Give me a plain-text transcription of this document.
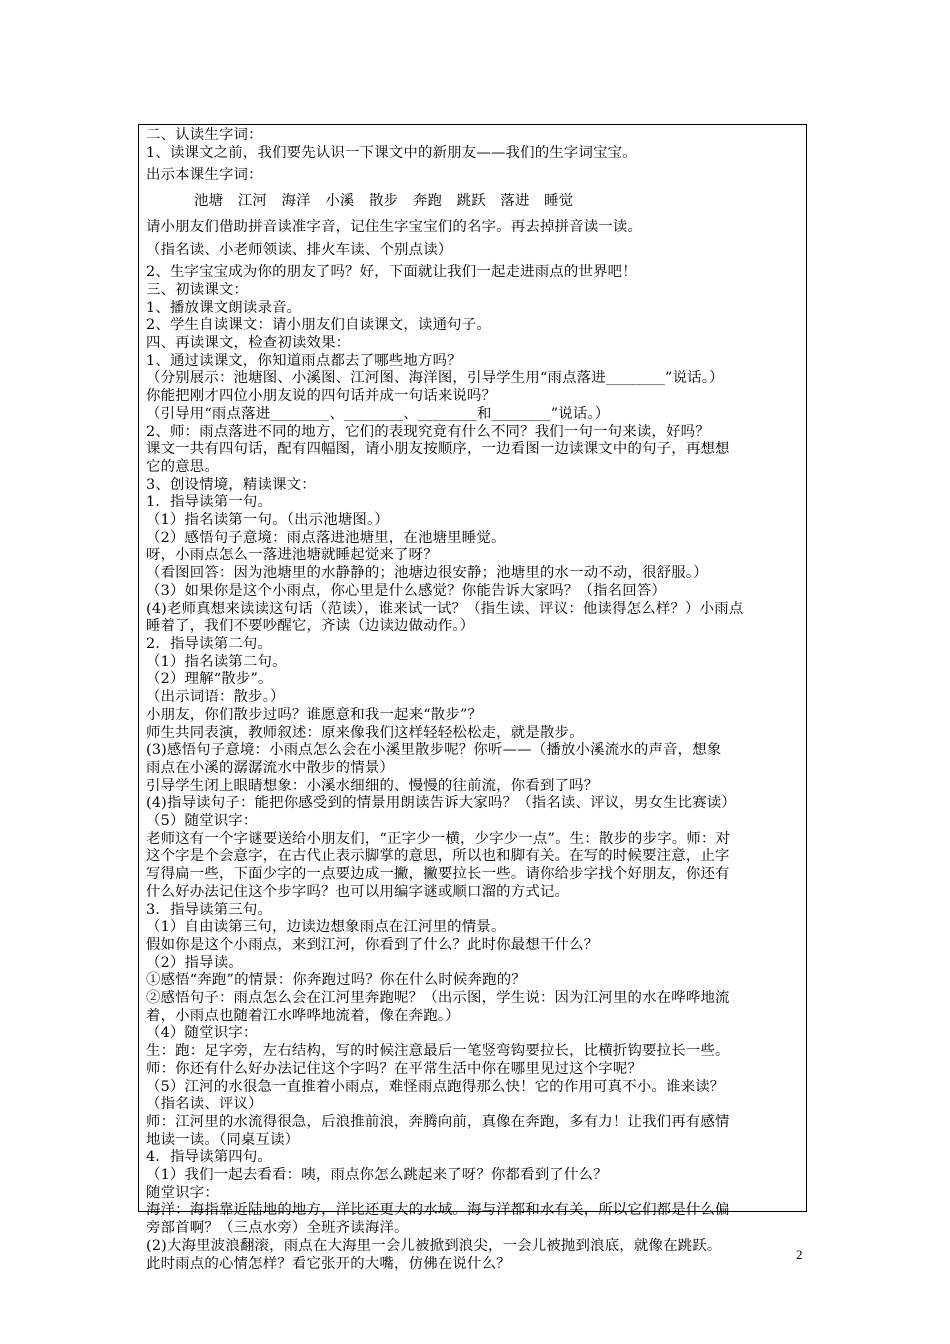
二、认读生字词：

1、读课文之前，我们要先认识一下课文中的新朋友——我们的生字词宝宝。

出示本课生字词：

池塘　江河　海洋　小溪　散步　奔跑　跳跃　落进　睡觉

请小朋友们借助拼音读准字音，记住生字宝宝们的名字。再去掉拼音读一读。

（指名读、小老师领读、排火车读、个别点读）

2、生字宝宝成为你的朋友了吗？好，下面就让我们一起走进雨点的世界吧！

三、初读课文：

1、播放课文朗读录音。

2、学生自读课文：请小朋友们自读课文，读通句子。

四、再读课文，检查初读效果：

1、通过读课文，你知道雨点都去了哪些地方吗？

（分别展示：池塘图、小溪图、江河图、海洋图，引导学生用“雨点落进________”说话。）

你能把刚才四位小朋友说的四句话并成一句话来说吗？

（引导用“雨点落进________、________、________和________”说话。）

2、师：雨点落进不同的地方，它们的表现究竟有什么不同？我们一句一句来读，好吗？

课文一共有四句话，配有四幅图，请小朋友按顺序，一边看图一边读课文中的句子，再想想

它的意思。

3、创设情境，精读课文：

1．指导读第一句。

（1）指名读第一句。（出示池塘图。）

（2）感悟句子意境：雨点落进池塘里，在池塘里睡觉。

呀，小雨点怎么一落进池塘就睡起觉来了呀？

（看图回答：因为池塘里的水静静的；池塘边很安静；池塘里的水一动不动，很舒服。）

（3）如果你是这个小雨点，你心里是什么感觉？你能告诉大家吗？（指名回答）

(4)老师真想来读读这句话（范读），谁来试一试？（指生读、评议：他读得怎么样？）小雨点

睡着了，我们不要吵醒它，齐读（边读边做动作。）

2．指导读第二句。

（1）指名读第二句。

（2）理解“散步”。

（出示词语：散步。）

小朋友，你们散步过吗？谁愿意和我一起来“散步”？

师生共同表演，教师叙述：原来像我们这样轻轻松松走，就是散步。

(3)感悟句子意境：小雨点怎么会在小溪里散步呢？你听——（播放小溪流水的声音，想象

雨点在小溪的潺潺流水中散步的情景）

引导学生闭上眼睛想象：小溪水细细的、慢慢的往前流，你看到了吗？

(4)指导读句子：能把你感受到的情景用朗读告诉大家吗？（指名读、评议，男女生比赛读）

（5）随堂识字：

老师这有一个字谜要送给小朋友们，“正字少一横，少字少一点”。生：散步的步字。师：对

这个字是个会意字，在古代止表示脚掌的意思，所以也和脚有关。在写的时候要注意，止字

写得扁一些，下面少字的一点要边成一撇，撇要拉长一些。请你给步字找个好朋友，你还有

什么好办法记住这个步字吗？也可以用编字谜或顺口溜的方式记。

3．指导读第三句。

（1）自由读第三句，边读边想象雨点在江河里的情景。

假如你是这个小雨点，来到江河，你看到了什么？此时你最想干什么？

（2）指导读。

①感悟“奔跑”的情景：你奔跑过吗？你在什么时候奔跑的？

②感悟句子：雨点怎么会在江河里奔跑呢？（出示图，学生说：因为江河里的水在哗哗地流

着，小雨点也随着江水哗哗地流着，像在奔跑。）

（4）随堂识字：

生：跑：足字旁，左右结构，写的时候注意最后一笔竖弯钩要拉长，比横折钩要拉长一些。

师：你还有什么好办法记住这个字吗？在平常生活中你在哪里见过这个字呢？

（5）江河的水很急一直推着小雨点，难怪雨点跑得那么快！它的作用可真不小。谁来读？

（指名读、评议）

师：江河里的水流得很急，后浪推前浪，奔腾向前，真像在奔跑，多有力！让我们再有感情

地读一读。（同桌互读）

4．指导读第四句。

（1）我们一起去看看：咦，雨点你怎么跳起来了呀？你都看到了什么？

随堂识字：

海洋：海指靠近陆地的地方，洋比还更大的水域。海与洋都和水有关，所以它们都是什么偏

旁部首啊？（三点水旁）全班齐读海洋。

(2)大海里波浪翻滚，雨点在大海里一会儿被掀到浪尖，一会儿被抛到浪底，就像在跳跃。

此时雨点的心情怎样？看它张开的大嘴，仿佛在说什么？

2
